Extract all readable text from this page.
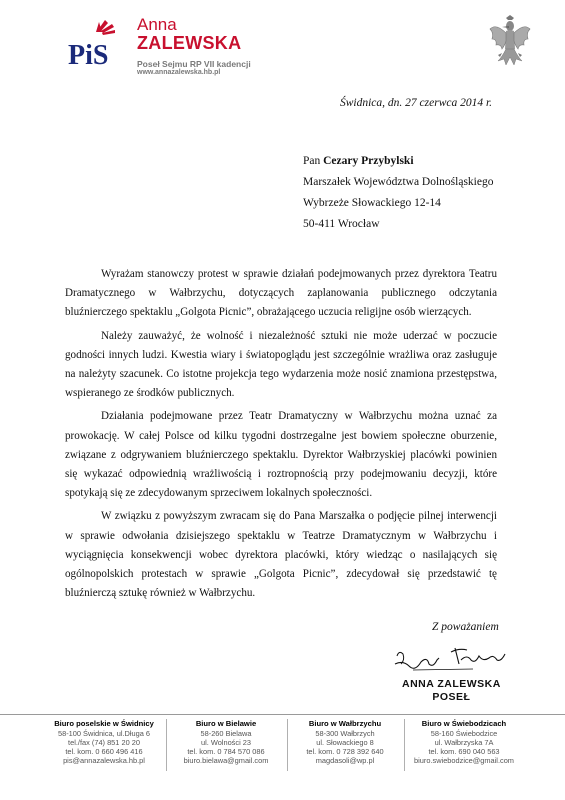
PiS
Anna
ZALEWSKA
Poseł Sejmu RP VII kadencji
www.annazalewska.hb.pl
Świdnica, dn. 27 czerwca 2014 r.
Pan Cezary Przybylski
Marszałek Województwa Dolnośląskiego
Wybrzeże Słowackiego 12-14
50-411 Wrocław

Wyrażam stanowczy protest w sprawie działań podejmowanych przez dyrektora Teatru Dramatycznego w Wałbrzychu, dotyczących zaplanowania publicznego odczytania bluźnierczego spektaklu „Golgota Picnic”, obrażającego uczucia religijne osób wierzących.

Należy zauważyć, że wolność i niezależność sztuki nie może uderzać w poczucie godności innych ludzi. Kwestia wiary i światopoglądu jest szczególnie wrażliwa oraz zasługuje na należyty szacunek. Co istotne projekcja tego wydarzenia może nosić znamiona przestępstwa, wspieranego ze środków publicznych.

Działania podejmowane przez Teatr Dramatyczny w Wałbrzychu można uznać za prowokację. W całej Polsce od kilku tygodni dostrzegalne jest bowiem społeczne oburzenie, związane z odgrywaniem bluźnierczego spektaklu. Dyrektor Wałbrzyskiej placówki powinien się wykazać odpowiednią wrażliwością i roztropnością przy podejmowaniu decyzji, które spotykają się ze zdecydowanym sprzeciwem lokalnych społeczności.

W związku z powyższym zwracam się do Pana Marszałka o podjęcie pilnej interwencji w sprawie odwołania dzisiejszego spektaklu w Teatrze Dramatycznym w Wałbrzychu i wyciągnięcia konsekwencji wobec dyrektora placówki, który wiedząc o nasilających się ogólnopolskich protestach w sprawie „Golgota Picnic”, zdecydował się przedstawić tę bluźnierczą sztukę również w Wałbrzychu.

Z poważaniem
ANNA ZALEWSKA
POSEŁ
Biuro poselskie w Świdnicy
58-100 Świdnica, ul.Długa 6
tel./fax (74) 851 20 20
tel. kom. 0 660 496 416
pis@annazalewska.hb.pl
Biuro w Bielawie
58-260 Bielawa
ul. Wolności 23
tel. kom. 0 784 570 086
biuro.bielawa@gmail.com
Biuro w Wałbrzychu
58-300 Wałbrzych
ul. Słowackiego 8
tel. kom. 0 728 392 640
magdasoli@wp.pl
Biuro w Świebodzicach
58-160 Świebodzice
ul. Wałbrzyska 7A
tel. kom. 690 040 563
biuro.swiebodzice@gmail.com
